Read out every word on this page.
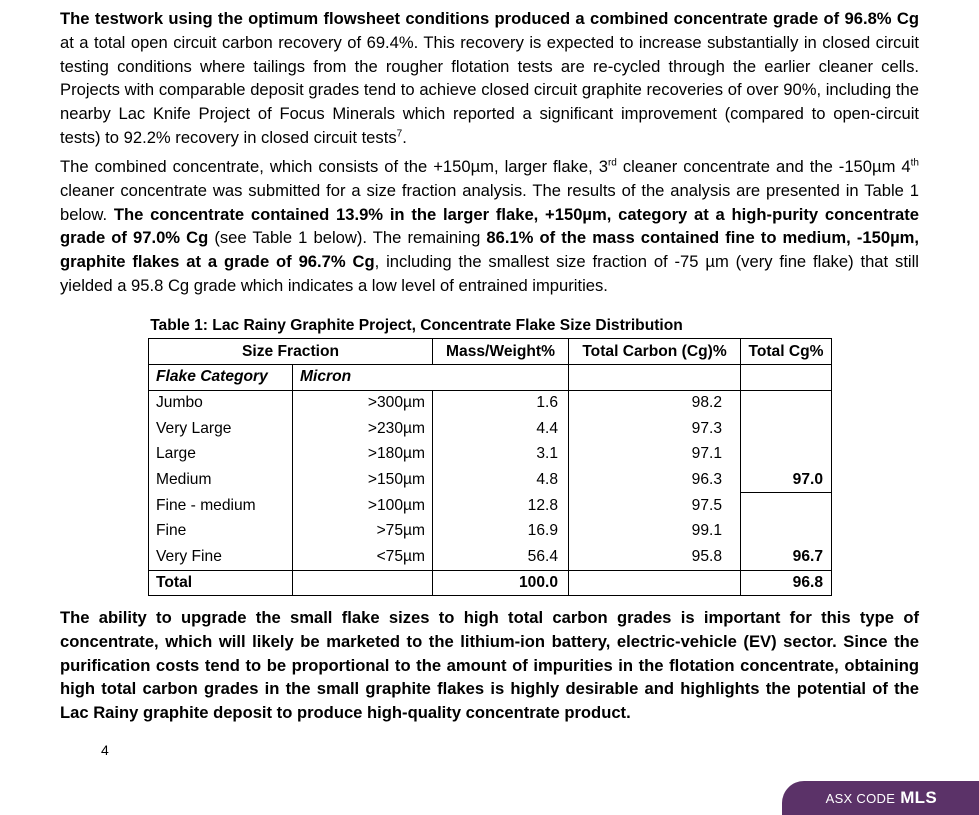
The testwork using the optimum flowsheet conditions produced a combined concentrate grade of 96.8% Cg at a total open circuit carbon recovery of 69.4%. This recovery is expected to increase substantially in closed circuit testing conditions where tailings from the rougher flotation tests are re-cycled through the earlier cleaner cells. Projects with comparable deposit grades tend to achieve closed circuit graphite recoveries of over 90%, including the nearby Lac Knife Project of Focus Minerals which reported a significant improvement (compared to open-circuit tests) to 92.2% recovery in closed circuit tests$^7$.

The combined concentrate, which consists of the +150µm, larger flake, 3rd cleaner concentrate and the -150µm 4th cleaner concentrate was submitted for a size fraction analysis. The results of the analysis are presented in Table 1 below. The concentrate contained 13.9% in the larger flake, +150µm, category at a high-purity concentrate grade of 97.0% Cg (see Table 1 below). The remaining 86.1% of the mass contained fine to medium, -150µm, graphite flakes at a grade of 96.7% Cg, including the smallest size fraction of -75 µm (very fine flake) that still yielded a 95.8 Cg grade which indicates a low level of entrained impurities.

Table 1: Lac Rainy Graphite Project, Concentrate Flake Size Distribution
Size Fraction		Mass/Weight%	Total Carbon (Cg)%	Total Cg%
Flake Category	Micron			
Jumbo	>300µm	1.6	98.2	
Very Large	>230µm	4.4	97.3	
Large	>180µm	3.1	97.1	
Medium	>150µm	4.8	96.3	97.0
Fine - medium	>100µm	12.8	97.5	
Fine	>75µm	16.9	99.1	
Very Fine	<75µm	56.4	95.8	96.7
Total		100.0		96.8

The ability to upgrade the small flake sizes to high total carbon grades is important for this type of concentrate, which will likely be marketed to the lithium-ion battery, electric-vehicle (EV) sector. Since the purification costs tend to be proportional to the amount of impurities in the flotation concentrate, obtaining high total carbon grades in the small graphite flakes is highly desirable and highlights the potential of the Lac Rainy graphite deposit to produce high-quality concentrate product.

4
ASX CODE MLS
